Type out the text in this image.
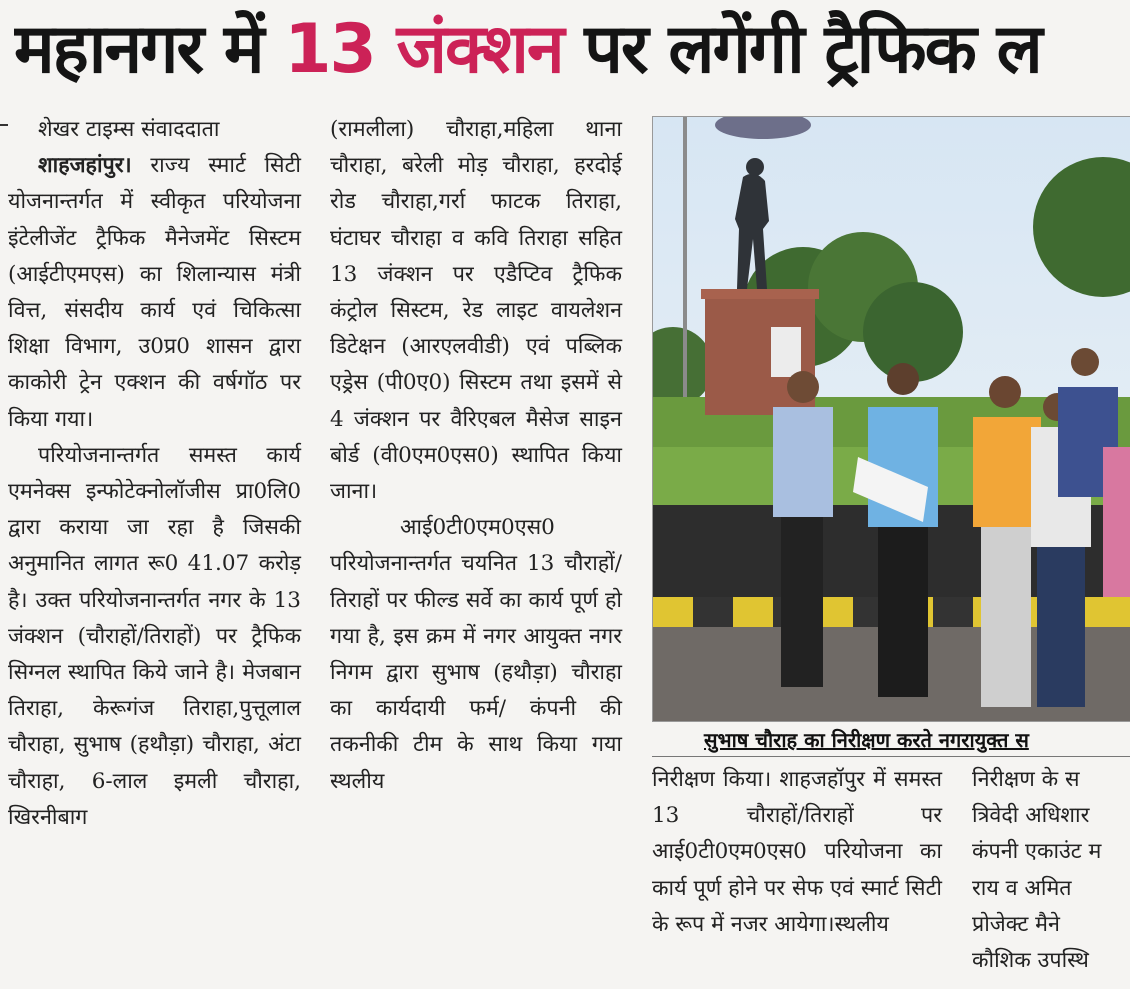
महानगर में 13 जंक्शन पर लगेंगी ट्रैफिक ल

शेखर टाइम्स संवाददाता

शाहजहांपुर। राज्य स्मार्ट सिटी योजनान्तर्गत में स्वीकृत परियोजना इंटेलीजेंट ट्रैफिक मैनेजमेंट सिस्टम (आईटीएमएस) का शिलान्यास मंत्री वित्त, संसदीय कार्य एवं चिकित्सा शिक्षा विभाग, उ0प्र0 शासन द्वारा काकोरी ट्रेन एक्शन की वर्षगॉठ पर किया गया।

परियोजनान्तर्गत समस्त कार्य एमनेक्स इन्फोटेक्नोलॉजीस प्रा0लि0 द्वारा कराया जा रहा है जिसकी अनुमानित लागत रू0 41.07 करोड़ है। उक्त परियोजनान्तर्गत नगर के 13 जंक्शन (चौराहों/तिराहों) पर ट्रैफिक सिग्नल स्थापित किये जाने है। मेजबान तिराहा, केरूगंज तिराहा,पुत्तूलाल चौराहा, सुभाष (हथौड़ा) चौराहा, अंटा चौराहा, 6-लाल इमली चौराहा, खिरनीबाग

(रामलीला) चौराहा,महिला थाना चौराहा, बरेली मोड़ चौराहा, हरदोई रोड चौराहा,गर्रा फाटक तिराहा, घंटाघर चौराहा व कवि तिराहा सहित 13 जंक्शन पर एडैप्टिव ट्रैफिक कंट्रोल सिस्टम, रेड लाइट वायलेशन डिटेक्षन (आरएलवीडी) एवं पब्लिक एड्रेस (पी0ए0) सिस्टम तथा इसमें से 4 जंक्शन पर वैरिएबल मैसेज साइन बोर्ड (वी0एम0एस0) स्थापित किया जाना।

आई0टी0एम0एस0 परियोजनान्तर्गत चयनित 13 चौराहों/तिराहों पर फील्ड सर्वे का कार्य पूर्ण हो गया है, इस क्रम में नगर आयुक्त नगर निगम द्वारा सुभाष (हथौड़ा) चौराहा का कार्यदायी फर्म/ कंपनी की तकनीकी टीम के साथ किया गया स्थलीय

सुभाष चौराह का निरीक्षण करते नगरायुक्त स

निरीक्षण किया। शाहजहॉपुर में समस्त 13 चौराहों/तिराहों पर आई0टी0एम0एस0 परियोजना का कार्य पूर्ण होने पर सेफ एवं स्मार्ट सिटी के रूप में नजर आयेगा।स्थलीय

निरीक्षण के स

त्रिवेदी अधिशार

कंपनी एकाउंट म

राय व अमित

प्रोजेक्ट मैने

कौशिक उपस्थि
